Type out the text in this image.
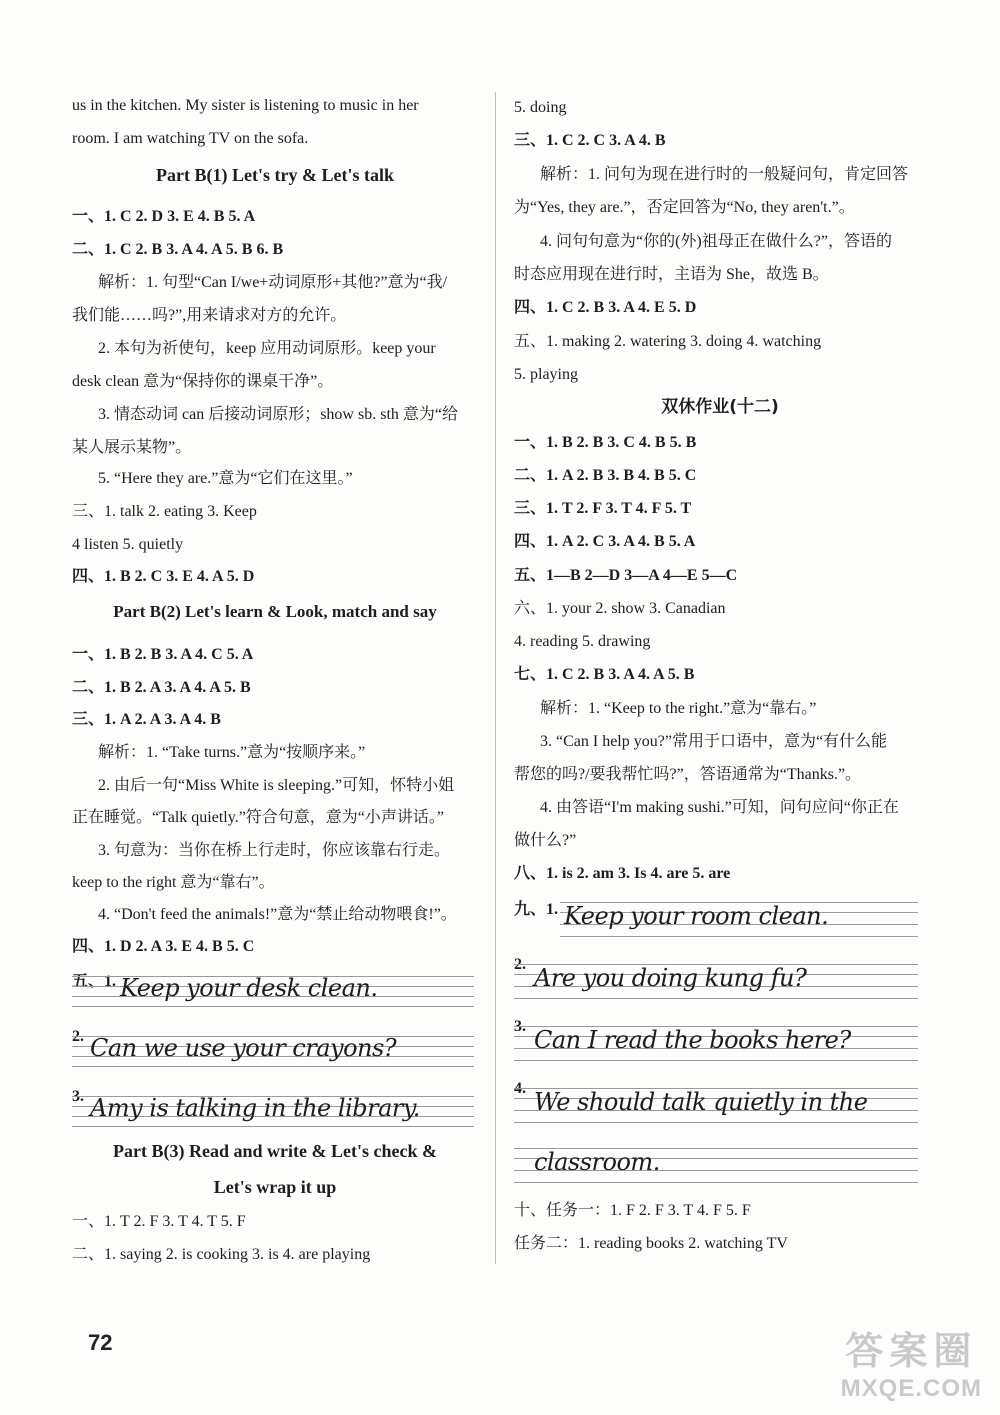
us in the kitchen. My sister is listening to music in her
room. I am watching TV on the sofa.
Part B(1) Let's try & Let's talk
一、1. C 2. D 3. E 4. B 5. A
二、1. C 2. B 3. A 4. A 5. B 6. B
解析：1. 句型“Can I/we+动词原形+其他?”意为“我/
我们能……吗?”,用来请求对方的允许。
2. 本句为祈使句，keep 应用动词原形。keep your
desk clean 意为“保持你的课桌干净”。
3. 情态动词 can 后接动词原形；show sb. sth 意为“给
某人展示某物”。
5. “Here they are.”意为“它们在这里。”
三、1. talk 2. eating 3. Keep
4 listen 5. quietly
四、1. B 2. C 3. E 4. A 5. D
Part B(2) Let's learn & Look, match and say
一、1. B 2. B 3. A 4. C 5. A
二、1. B 2. A 3. A 4. A 5. B
三、1. A 2. A 3. A 4. B
解析：1. “Take turns.”意为“按顺序来。”
2. 由后一句“Miss White is sleeping.”可知，怀特小姐
正在睡觉。“Talk quietly.”符合句意，意为“小声讲话。”
3. 句意为：当你在桥上行走时，你应该靠右行走。
keep to the right 意为“靠右”。
4. “Don't feed the animals!”意为“禁止给动物喂食!”。
四、1. D 2. A 3. E 4. B 5. C
五、1. Keep your desk clean.
2. Can we use your crayons?
3. Amy is talking in the library.
Part B(3) Read and write & Let's check &
Let's wrap it up
一、1. T 2. F 3. T 4. T 5. F
二、1. saying 2. is cooking 3. is 4. are playing
5. doing
三、1. C 2. C 3. A 4. B
解析：1. 问句为现在进行时的一般疑问句，肯定回答
为“Yes, they are.”，否定回答为“No, they aren't.”。
4. 问句句意为“你的(外)祖母正在做什么?”，答语的
时态应用现在进行时，主语为 She，故选 B。
四、1. C 2. B 3. A 4. E 5. D
五、1. making 2. watering 3. doing 4. watching
5. playing
双休作业(十二)
一、1. B 2. B 3. C 4. B 5. B
二、1. A 2. B 3. B 4. B 5. C
三、1. T 2. F 3. T 4. F 5. T
四、1. A 2. C 3. A 4. B 5. A
五、1—B 2—D 3—A 4—E 5—C
六、1. your 2. show 3. Canadian
4. reading 5. drawing
七、1. C 2. B 3. A 4. A 5. B
解析：1. “Keep to the right.”意为“靠右。”
3. “Can I help you?”常用于口语中，意为“有什么能
帮您的吗?/要我帮忙吗?”，答语通常为“Thanks.”。
4. 由答语“I'm making sushi.”可知，问句应问“你正在
做什么?”
八、1. is 2. am 3. Is 4. are 5. are
九、1. Keep your room clean.
2. Are you doing kung fu?
3. Can I read the books here?
4. We should talk quietly in the
classroom.
十、任务一：1. F 2. F 3. T 4. F 5. F
任务二：1. reading books 2. watching TV
72	答案圈
MXQE.COM
